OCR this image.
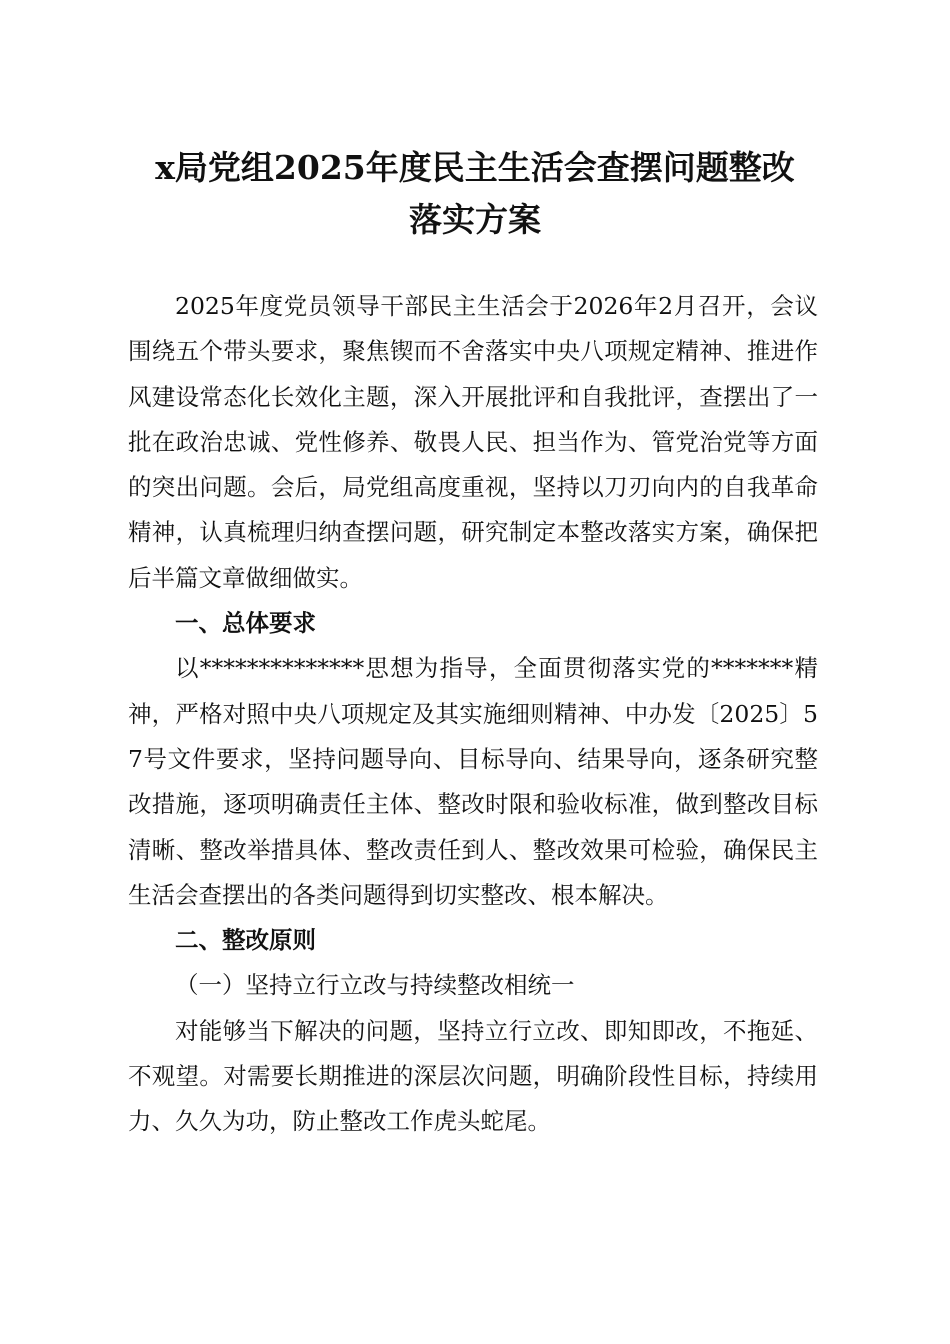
x局党组2025年度民主生活会查摆问题整改
落实方案

2025年度党员领导干部民主生活会于2026年2月召开，会议围绕五个带头要求，聚焦锲而不舍落实中央八项规定精神、推进作风建设常态化长效化主题，深入开展批评和自我批评，查摆出了一批在政治忠诚、党性修养、敬畏人民、担当作为、管党治党等方面的突出问题。会后，局党组高度重视，坚持以刀刃向内的自我革命精神，认真梳理归纳查摆问题，研究制定本整改落实方案，确保把后半篇文章做细做实。

一、总体要求

以**************思想为指导，全面贯彻落实党的*******精神，严格对照中央八项规定及其实施细则精神、中办发〔2025〕57号文件要求，坚持问题导向、目标导向、结果导向，逐条研究整改措施，逐项明确责任主体、整改时限和验收标准，做到整改目标清晰、整改举措具体、整改责任到人、整改效果可检验，确保民主生活会查摆出的各类问题得到切实整改、根本解决。

二、整改原则

（一）坚持立行立改与持续整改相统一

对能够当下解决的问题，坚持立行立改、即知即改，不拖延、不观望。对需要长期推进的深层次问题，明确阶段性目标，持续用力、久久为功，防止整改工作虎头蛇尾。
